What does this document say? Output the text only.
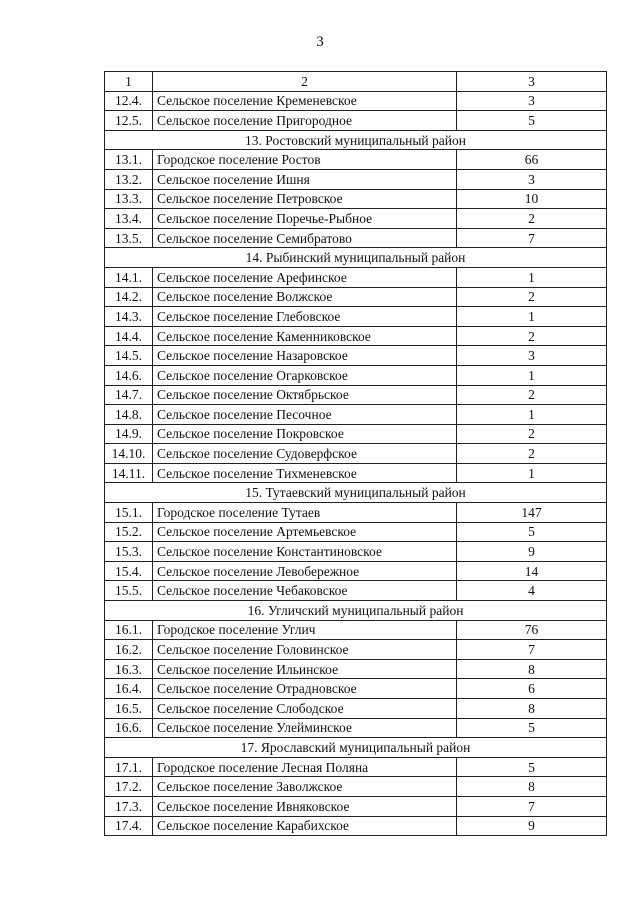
3
1	2	3
12.4.	Сельское поселение Кременевское	3
12.5.	Сельское поселение Пригородное	5
13. Ростовский муниципальный район		
13.1.	Городское поселение Ростов	66
13.2.	Сельское поселение Ишня	3
13.3.	Сельское поселение Петровское	10
13.4.	Сельское поселение Поречье-Рыбное	2
13.5.	Сельское поселение Семибратово	7
14. Рыбинский муниципальный район		
14.1.	Сельское поселение Арефинское	1
14.2.	Сельское поселение Волжское	2
14.3.	Сельское поселение Глебовское	1
14.4.	Сельское поселение Каменниковское	2
14.5.	Сельское поселение Назаровское	3
14.6.	Сельское поселение Огарковское	1
14.7.	Сельское поселение Октябрьское	2
14.8.	Сельское поселение Песочное	1
14.9.	Сельское поселение Покровское	2
14.10.	Сельское поселение Судоверфское	2
14.11.	Сельское поселение Тихменевское	1
15. Тутаевский муниципальный район		
15.1.	Городское поселение Тутаев	147
15.2.	Сельское поселение Артемьевское	5
15.3.	Сельское поселение Константиновское	9
15.4.	Сельское поселение Левобережное	14
15.5.	Сельское поселение Чебаковское	4
16. Угличский муниципальный район		
16.1.	Городское поселение Углич	76
16.2.	Сельское поселение Головинское	7
16.3.	Сельское поселение Ильинское	8
16.4.	Сельское поселение Отрадновское	6
16.5.	Сельское поселение Слободское	8
16.6.	Сельское поселение Улейминское	5
17. Ярославский муниципальный район		
17.1.	Городское поселение Лесная Поляна	5
17.2.	Сельское поселение Заволжское	8
17.3.	Сельское поселение Ивняковское	7
17.4.	Сельское поселение Карабихское	9
